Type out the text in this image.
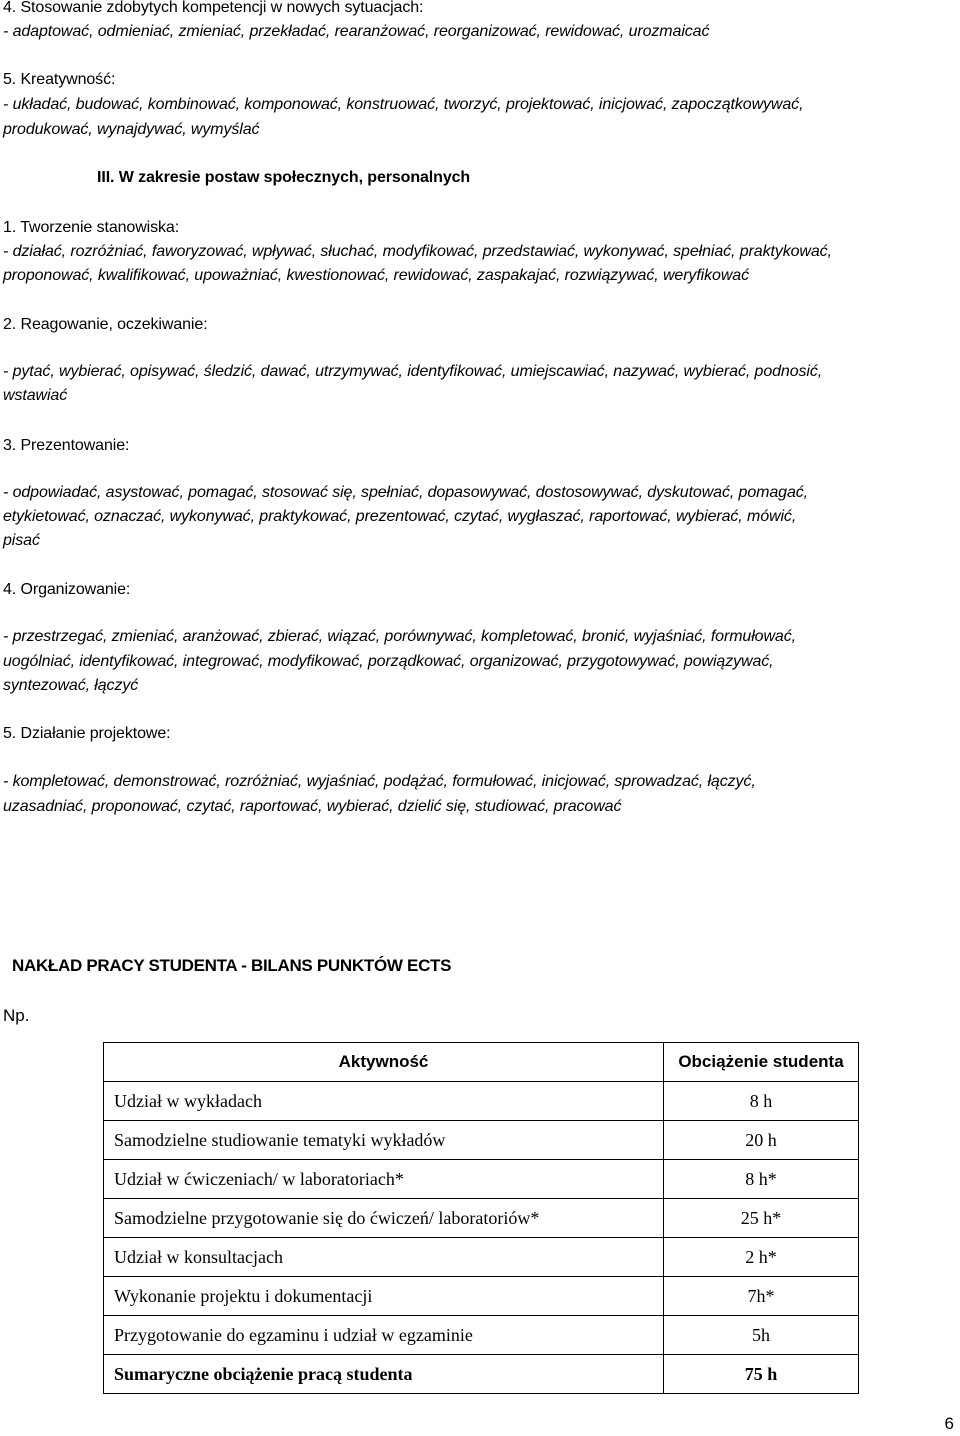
4. Stosowanie zdobytych kompetencji w nowych sytuacjach:
- adaptować, odmieniać, zmieniać, przekładać, rearanżować, reorganizować, rewidować, urozmaicać
5. Kreatywność:
- układać, budować, kombinować, komponować, konstruować, tworzyć, projektować, inicjować, zapoczątkowywać,
produkować, wynajdywać, wymyślać
III. W zakresie postaw społecznych, personalnych
1. Tworzenie stanowiska:
- działać, rozróżniać, faworyzować, wpływać, słuchać, modyfikować, przedstawiać, wykonywać, spełniać, praktykować,
proponować, kwalifikować, upoważniać, kwestionować, rewidować, zaspakajać, rozwiązywać, weryfikować
2. Reagowanie, oczekiwanie:
- pytać, wybierać, opisywać, śledzić, dawać, utrzymywać, identyfikować, umiejscawiać, nazywać, wybierać, podnosić,
wstawiać
3. Prezentowanie:
- odpowiadać, asystować, pomagać, stosować się, spełniać, dopasowywać, dostosowywać, dyskutować, pomagać,
etykietować, oznaczać, wykonywać, praktykować, prezentować, czytać, wygłaszać, raportować, wybierać, mówić,
pisać
4. Organizowanie:
- przestrzegać, zmieniać, aranżować, zbierać, wiązać, porównywać, kompletować, bronić, wyjaśniać, formułować,
uogólniać, identyfikować, integrować, modyfikować, porządkować, organizować, przygotowywać, powiązywać,
syntezować, łączyć
5. Działanie projektowe:
- kompletować, demonstrować, rozróżniać, wyjaśniać, podążać, formułować, inicjować, sprowadzać, łączyć,
uzasadniać, proponować, czytać, raportować, wybierać, dzielić się, studiować, pracować
NAKŁAD PRACY STUDENTA - BILANS PUNKTÓW ECTS
Np.
Aktywność	Obciążenie studenta
Udział w wykładach	8 h
Samodzielne studiowanie tematyki wykładów	20 h
Udział w ćwiczeniach/ w laboratoriach*	8 h*
Samodzielne przygotowanie się do ćwiczeń/ laboratoriów*	25 h*
Udział w konsultacjach	2 h*
Wykonanie projektu i dokumentacji	7h*
Przygotowanie do egzaminu i udział w egzaminie	5h
Sumaryczne obciążenie pracą studenta	75 h
6
